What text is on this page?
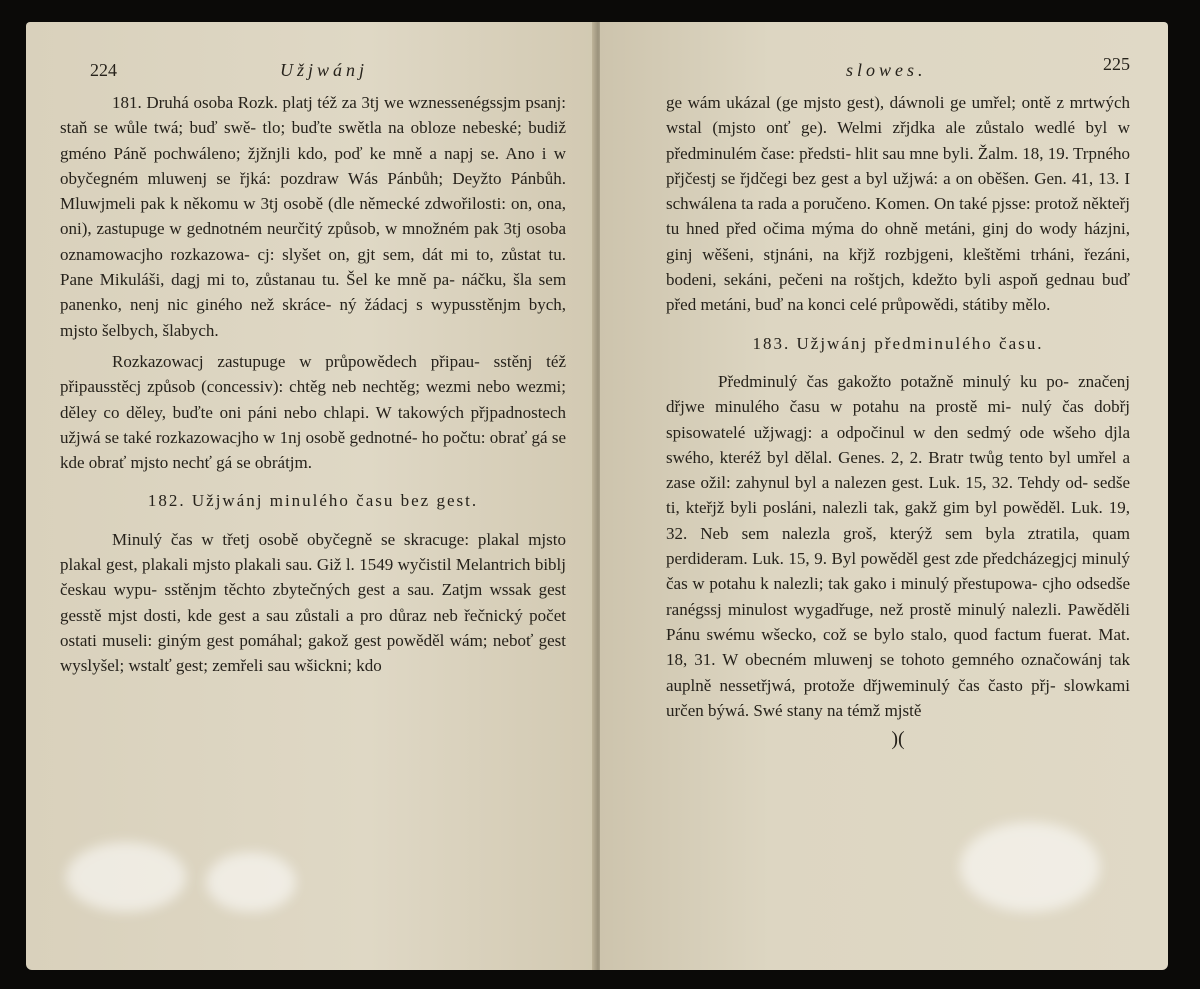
224	Užjwánj

181. Druhá osoba Rozk. platj též za 3tj we wznessenégssjm psanj: staň se wůle twá; buď swě- tlo; buďte swětla na obloze nebeské; budiž gméno Páně pochwáleno; žjžnjli kdo, poď ke mně a napj se. Ano i w obyčegném mluwenj se řjká: pozdraw Wás Pánbůh; Deyžto Pánbůh. Mluwjmeli pak k někomu w 3tj osobě (dle německé zdwořilosti: on, ona, oni), zastupuge w gednotném neurčitý způsob, w množném pak 3tj osoba oznamowacjho rozkazowa- cj: slyšet on, gjt sem, dát mi to, zůstat tu. Pane Mikuláši, dagj mi to, zůstanau tu. Šel ke mně pa- náčku, šla sem panenko, nenj nic giného než skráce- ný žádacj s wypusstěnjm bych, mjsto šelbych, šlabych.

Rozkazowacj zastupuge w průpowědech připau- sstěnj též připausstěcj způsob (concessiv): chtěg neb nechtěg; wezmi nebo wezmi; děley co děley, buďte oni páni nebo chlapi. W takowých přjpadnostech užjwá se také rozkazowacjho w 1nj osobě gednotné- ho počtu: obrať gá se kde obrať mjsto nechť gá se obrátjm.

182. Užjwánj minulého času bez gest.

Minulý čas w třetj osobě obyčegně se skracuge: plakal mjsto plakal gest, plakali mjsto plakali sau. Giž l. 1549 wyčistil Melantrich biblj českau wypu- sstěnjm těchto zbytečných gest a sau. Zatjm wssak gest gesstě mjst dosti, kde gest a sau zůstali a pro důraz neb řečnický počet ostati museli: giným gest pomáhal; gakož gest powěděl wám; neboť gest wyslyšel; wstalť gest; zemřeli sau wšickni; kdo

slowes.	225

ge wám ukázal (ge mjsto gest), dáwnoli ge umřel; ontě z mrtwých wstal (mjsto onť ge). Welmi zřjdka ale zůstalo wedlé byl w předminulém čase: předsti- hlit sau mne byli. Žalm. 18, 19. Trpného přjčestj se řjdčegi bez gest a byl užjwá: a on oběšen. Gen. 41, 13. I schwálena ta rada a poručeno. Komen. On také pjsse: protož někteřj tu hned před očima mýma do ohně metáni, ginj do wody házjni, ginj wěšeni, stjnáni, na křjž rozbjgeni, kleštěmi trháni, řezáni, bodeni, sekáni, pečeni na roštjch, kdežto byli aspoň gednau buď před metáni, buď na konci celé průpowědi, státiby mělo.

183. Užjwánj předminulého času.

Předminulý čas gakožto potažně minulý ku po- značenj dřjwe minulého času w potahu na prostě mi- nulý čas dobřj spisowatelé užjwagj: a odpočinul w den sedmý ode wšeho djla swého, kteréž byl dělal. Genes. 2, 2. Bratr twůg tento byl umřel a zase ožil: zahynul byl a nalezen gest. Luk. 15, 32. Tehdy od- sedše ti, kteřjž byli posláni, nalezli tak, gakž gim byl powěděl. Luk. 19, 32. Neb sem nalezla groš, kterýž sem byla ztratila, quam perdideram. Luk. 15, 9. Byl powěděl gest zde předcházegjcj minulý čas w potahu k nalezli; tak gako i minulý přestupowa- cjho odsedše ranégssj minulost wygadřuge, než prostě minulý nalezli. Pawěděli Pánu swému wšecko, což se bylo stalo, quod factum fuerat. Mat. 18, 31. W obecném mluwenj se tohoto gemného označowánj tak auplně nessetřjwá, protože dřjweminulý čas často přj- slowkami určen býwá. Swé stany na témž mjstě

)(
